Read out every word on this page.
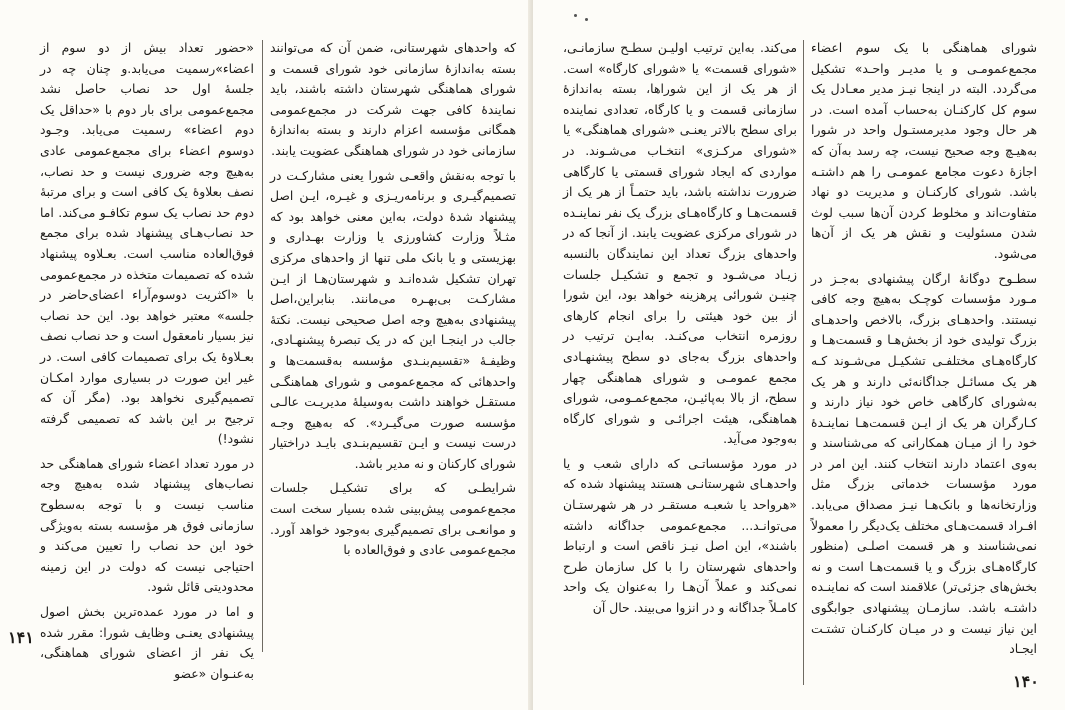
که واحدهای شهرستانی، ضمن آن که می‌توانند بسته به‌اندازهٔ سازمانی خود شورای قسمت و شورای هماهنگی شهرستان داشته باشند، باید نمایندهٔ کافی جهت شرکت در مجمع‌عمومی همگانی مؤسسه اعزام دارند و بسته به‌اندازهٔ سازمانی خود در شورای هماهنگی عضویت یابند.

با توجه به‌نقش واقعـی شورا یعنی مشارکـت در تصمیم‌گیـری و برنامه‌ریـزی و غیـره، ایـن اصل پیشنهاد شدهٔ دولت، به‌این معنی خواهد بود که مثـلاً وزارت کشاورزی یا وزارت بهـداری و بهزیستی و یا بانک ملی تنها از واحدهای مرکزی تهران تشکیل شده‌انـد و شهرستان‌هـا از ایـن مشارکـت بی‌بهـره می‌مانند. بنابراین،اصل پیشنهادی به‌هیچ وجه اصل صحیحی نیست. نکتهٔ جالب در اینجـا این که در یک تبصرهٔ پیشنهـادی، وظیفـهٔ «تقسیم‌بنـدی مؤسسه به‌قسمت‌ها و واحدهائی که مجمع‌عمومی و شورای هماهنگـی مستقـل خواهند داشت به‌وسیلهٔ مدیریـت عالـی مؤسسه صورت می‌گیـرد». که به‌هیچ وجـه درست نیست و ایـن تقسیم‌بنـدی بایـد دراختیار شورای کارکنان و نه مدیر باشد.

شرایطـی که برای تشکیـل جلسات مجمع‌عمومی پیش‌بینی شده بسیار سخت است و موانعـی برای تصمیم‌گیری به‌وجود خواهد آورد. مجمع‌عمومی عادی و فوق‌العاده با

«حضور تعداد بیش از دو سوم از اعضاء»رسمیت می‌یابد.و چنان چه در جلسهٔ اول حد نصاب حاصل نشد مجمع‌عمومی برای بار دوم با «حداقل یک دوم اعضاء» رسمیت می‌یابد. وجـود دوسوم اعضاء برای مجمع‌عمومی عادی به‌هیچ وجه ضروری نیست و حد نصاب، نصف بعلاوهٔ یک کافی است و برای مرتبهٔ دوم حد نصاب یک سوم تکافـو می‌کند. اما حد نصاب‌هـای پیشنهاد شده برای مجمع فوق‌العاده مناسب است. بعـلاوه پیشنهاد شده که تصمیمات متخذه در مجمع‌عمومی با «اکثریت دوسوم‌آراء اعضای‌حاضر در جلسه» معتبر خواهد بود. این حد نصاب نیز بسیار نامعقول است و حد نصاب نصف بعـلاوهٔ یک برای تصمیمات کافی است. در غیر این صورت در بسیاری موارد امکـان تصمیم‌گیری نخواهد بود. (مگر آن که ترجیح بر این باشد که تصمیمی گرفته نشود!)

در مورد تعداد اعضاء شورای هماهنگی حد نصاب‌های پیشنهاد شده به‌هیچ وجه مناسب نیست و با توجه به‌سطوح سازمانی فوق هر مؤسسه بسته به‌ویژگی خود این حد نصاب را تعیین می‌کند و احتیاجی نیست که دولت در این زمینه محدودیتی قائل شود.

و اما در مورد عمده‌ترین بخش اصول پیشنهادی یعنـی وظایف شورا: مقرر شده یک نفر از اعضای شورای هماهنگی، به‌عنـوان «عضو

۱۴۱

می‌کند. به‌این ترتیب اولیـن سطـح سازمانـی، «شورای قسمت» یا «شورای کارگاه» است. از هر یک از این شوراها، بسته به‌اندازهٔ سازمانی قسمت و یا کارگاه، تعدادی نماینده برای سطح بالاتر یعنـی «شورای هماهنگی» یا «شورای مرکـزی» انتخـاب می‌شـوند. در مواردی که ایجاد شورای قسمتی یا کارگاهی ضرورت نداشته باشد، باید حتمـاً از هر یک از قسمت‌هـا و کارگاه‌هـای بزرگ یک نفر نماینـده در شورای مرکزی عضویت یابند. از آنجا که در واحدهای بزرگ تعداد این نمایندگان بالنسبه زیـاد می‌شـود و تجمع و تشکیـل جلسات چنیـن شورائی پرهزینه خواهد بود، این شورا از بین خود هیئتی را برای انجام کارهای روزمره انتخاب می‌کنـد. به‌ایـن ترتیب در واحدهای بزرگ به‌جای دو سطح پیشنهـادی مجمع عمومـی و شورای هماهنگی چهار سطح، از بالا به‌پائیـن، مجمع‌عمـومی، شورای هماهنگی، هیئت اجرائـی و شورای کارگاه به‌وجود می‌آید.

در مورد مؤسساتـی که دارای شعب و یا واحدهـای شهرستانـی هستند پیشنهاد شده که «هرواحد یا شعبـه مستقـر در هر شهرستـان می‌توانـد... مجمع‌عمومی جداگانه داشته باشند»، این اصل نیـز ناقص است و ارتباط واحدهای شهرستان را با کل سازمان طرح نمی‌کند و عملاً آن‌هـا را به‌عنوان یک واحد کامـلاً جداگانه و در انزوا می‌بیند. حال آن

شورای هماهنگی با یک سوم اعضاء مجمع‌عمومـی و یا مدیـر واحـد» تشکیل می‌گردد. البته در اینجا نیـز مدیر معـادل یک سوم کل کارکنـان به‌حساب آمده است. در هر حال وجود مدیرمستـول واحد در شورا به‌هیـچ وجه صحیح نیست، چه رسد به‌آن که اجازهٔ دعوت مجامع عمومـی را هم داشتـه باشد. شورای کارکنـان و مدیریت دو نهاد متفاوت‌اند و مخلوط کردن آن‌ها سبب لوث شدن مسئولیت و نقش هر یک از آن‌ها می‌شود.

سطـوح دوگانهٔ ارگان پیشنهادی به‌جـز در مـورد مؤسسات کوچـک به‌هیچ وجه کافی نیستند. واحدهـای بزرگ، بالاخص واحدهـای بزرگ تولیدی خود از بخش‌هـا و قسمت‌هـا و کارگاه‌هـای مختلفـی تشکیـل می‌شـوند کـه هر یک مسائـل جداگانه‌ئی دارند و هر یک به‌شورای کارگاهی خاص خود نیاز دارند و کـارگران هر یک از ایـن قسمت‌هـا نماینـدهٔ خود را از میـان همکارانی که می‌شناسند و به‌وی اعتماد دارند انتخاب کنند. این امر در مورد مؤسسات خدماتی بزرگ مثل وزارتخانه‌ها و بانک‌هـا نیـز مصداق می‌یابد. افـراد قسمت‌هـای مختلف یک‌دیگر را معمولاً نمی‌شناسند و هر قسمت اصلـی (منظور کارگاه‌هـای بزرگ و یا قسمت‌هـا است و نه بخش‌های جزئی‌تر) علاقمند است که نماینـده داشتـه باشد. سازمـان پیشنهادی جوابگوی این نیاز نیست و در میـان کارکنـان تشتـت ایجـاد

۱۴۰
